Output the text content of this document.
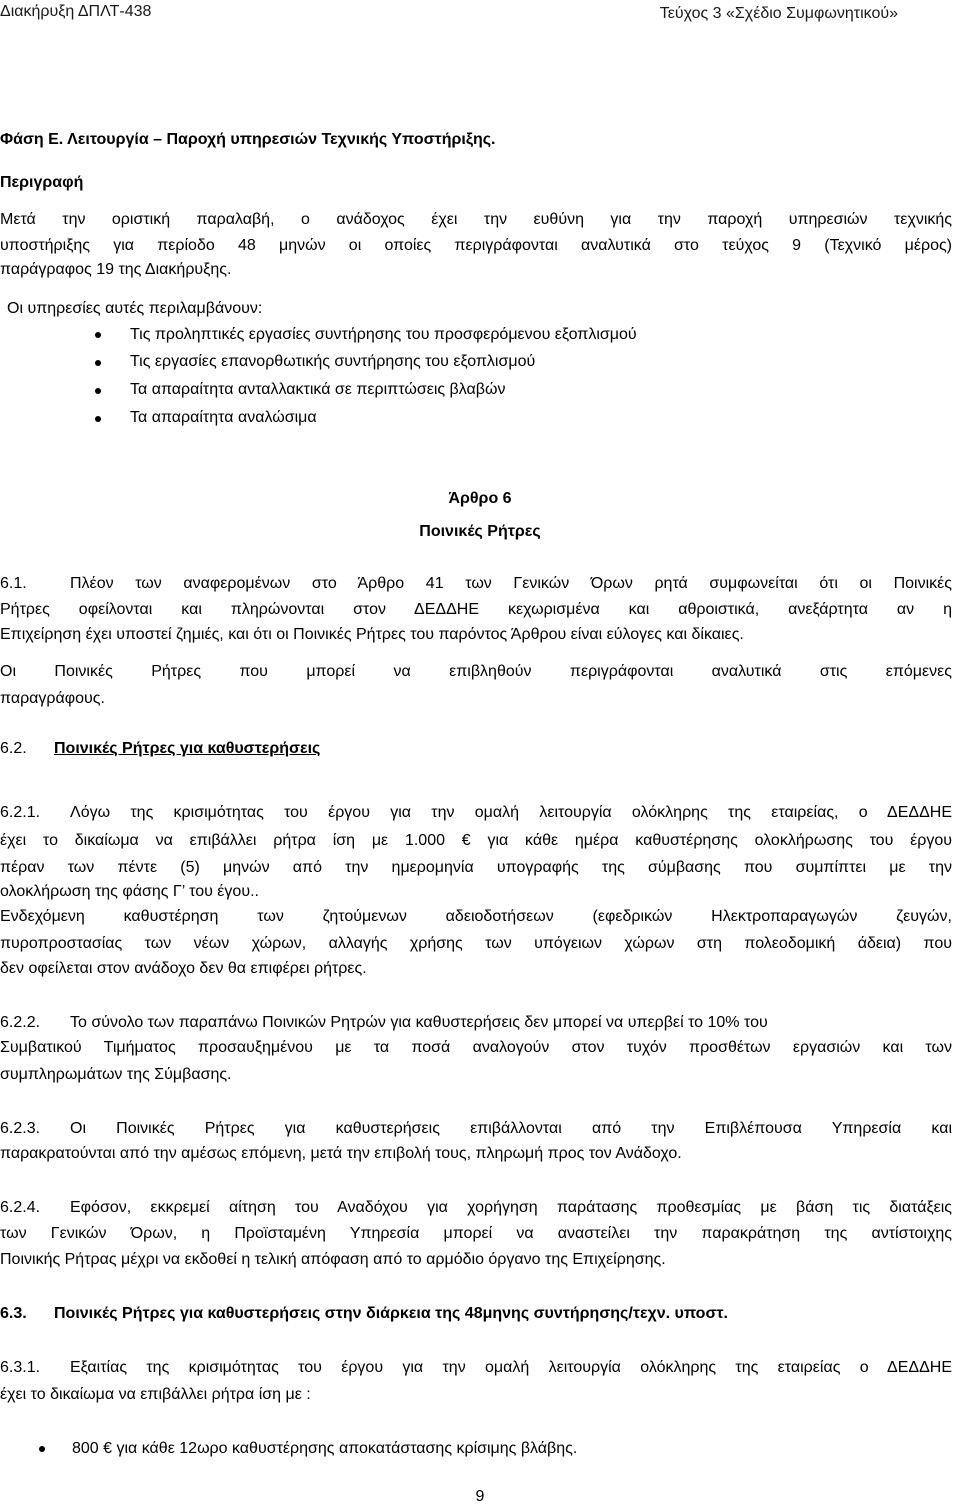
Διακήρυξη ΔΠΛΤ-438	Τεύχος 3 «Σχέδιο Συμφωνητικού»

Φάση Ε. Λειτουργία – Παροχή υπηρεσιών Τεχνικής Υποστήριξης.

Περιγραφή

Μετά την οριστική παραλαβή, ο ανάδοχος έχει την ευθύνη για την παροχή υπηρεσιών τεχνικής

υποστήριξης για περίοδο 48 μηνών οι οποίες περιγράφονται αναλυτικά στο τεύχος 9 (Τεχνικό μέρος)

παράγραφος 19 της Διακήρυξης.

Οι υπηρεσίες αυτές περιλαμβάνουν:

Τις προληπτικές εργασίες συντήρησης του προσφερόμενου εξοπλισμού

Τις εργασίες επανορθωτικής συντήρησης του εξοπλισμού

Τα απαραίτητα ανταλλακτικά σε περιπτώσεις βλαβών

Τα απαραίτητα αναλώσιμα

Άρθρο 6

Ποινικές Ρήτρες

6.1.	Πλέον των αναφερομένων στο Άρθρο 41 των Γενικών Όρων ρητά συμφωνείται ότι οι Ποινικές

Ρήτρες οφείλονται και πληρώνονται στον ΔΕΔΔΗΕ κεχωρισμένα και αθροιστικά, ανεξάρτητα αν η

Επιχείρηση έχει υποστεί ζημιές, και ότι οι Ποινικές Ρήτρες του παρόντος Άρθρου είναι εύλογες και δίκαιες.

Οι Ποινικές Ρήτρες που μπορεί να επιβληθούν περιγράφονται αναλυτικά στις επόμενες

παραγράφους.

6.2. Ποινικές Ρήτρες για καθυστερήσεις

6.2.1. Λόγω της κρισιμότητας του έργου για την ομαλή λειτουργία ολόκληρης της εταιρείας, ο ΔΕΔΔΗΕ

έχει το δικαίωμα να επιβάλλει ρήτρα ίση με 1.000 € για κάθε ημέρα καθυστέρησης ολοκλήρωσης του έργου

πέραν των πέντε (5) μηνών από την ημερομηνία υπογραφής της σύμβασης που συμπίπτει με την

ολοκλήρωση της φάσης Γ’ του έγου..

Ενδεχόμενη καθυστέρηση των ζητούμενων αδειοδοτήσεων (εφεδρικών Ηλεκτροπαραγωγών ζευγών,

πυροπροστασίας των νέων χώρων, αλλαγής χρήσης των υπόγειων χώρων στη πολεοδομική άδεια) που

δεν οφείλεται στον ανάδοχο δεν θα επιφέρει ρήτρες.

6.2.2. Το σύνολο των παραπάνω Ποινικών Ρητρών για καθυστερήσεις δεν μπορεί να υπερβεί το 10% του

Συμβατικού Τιμήματος προσαυξημένου με τα ποσά αναλογούν στον τυχόν προσθέτων εργασιών και των

συμπληρωμάτων της Σύμβασης.

6.2.3. Οι Ποινικές Ρήτρες για καθυστερήσεις επιβάλλονται από την Επιβλέπουσα Υπηρεσία και

παρακρατούνται από την αμέσως επόμενη, μετά την επιβολή τους, πληρωμή προς τον Ανάδοχο.

6.2.4. Εφόσον, εκκρεμεί αίτηση του Αναδόχου για χορήγηση παράτασης προθεσμίας με βάση τις διατάξεις

των Γενικών Όρων, η Προϊσταμένη Υπηρεσία μπορεί να αναστείλει την παρακράτηση της αντίστοιχης

Ποινικής Ρήτρας μέχρι να εκδοθεί η τελική απόφαση από το αρμόδιο όργανο της Επιχείρησης.

6.3. Ποινικές Ρήτρες για καθυστερήσεις στην διάρκεια της 48μηνης συντήρησης/τεχν. υποστ.

6.3.1. Εξαιτίας της κρισιμότητας του έργου για την ομαλή λειτουργία ολόκληρης της εταιρείας ο ΔΕΔΔΗΕ

έχει το δικαίωμα να επιβάλλει ρήτρα ίση με :

800 € για κάθε 12ωρο καθυστέρησης αποκατάστασης κρίσιμης βλάβης.

9
